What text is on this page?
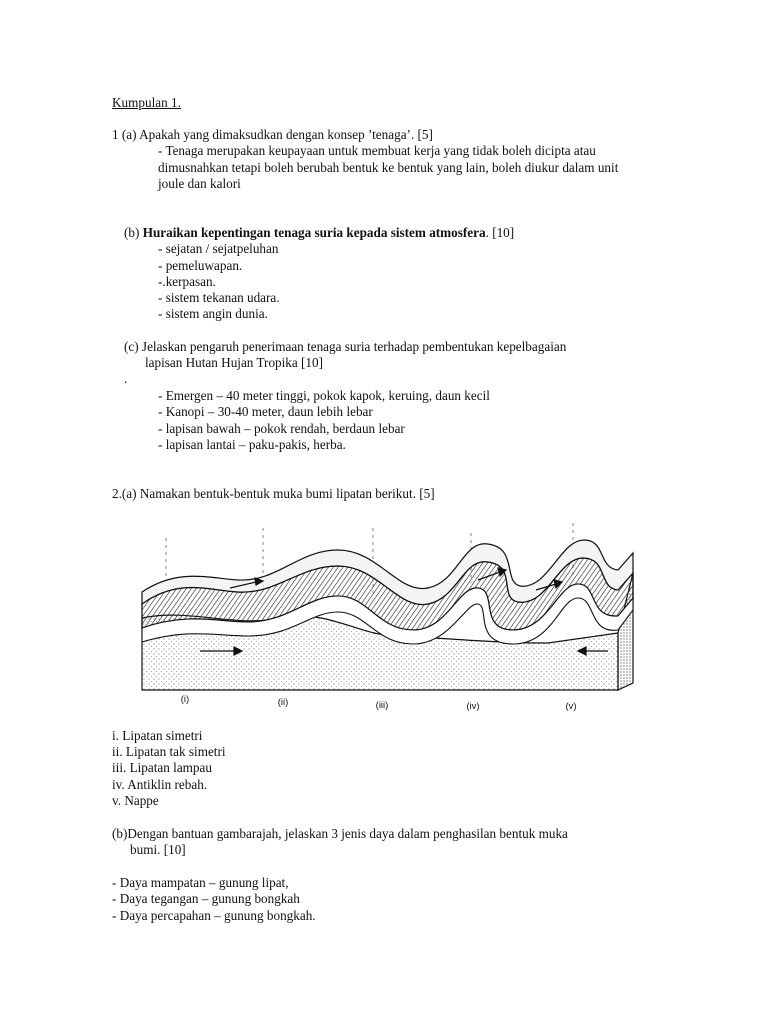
Kumpulan 1.
1 (a) Apakah yang dimaksudkan dengan konsep ’tenaga’. [5]
- Tenaga merupakan keupayaan untuk membuat kerja yang tidak boleh dicipta atau
dimusnahkan tetapi boleh berubah bentuk ke bentuk yang lain, boleh diukur dalam unit
joule dan kalori
(b) Huraikan kepentingan tenaga suria kepada sistem atmosfera. [10]
- sejatan / sejatpeluhan
- pemeluwapan.
-.kerpasan.
- sistem tekanan udara.
- sistem angin dunia.
(c) Jelaskan pengaruh penerimaan tenaga suria terhadap pembentukan kepelbagaian
lapisan Hutan Hujan Tropika [10]
.
- Emergen – 40 meter tinggi, pokok kapok, keruing, daun kecil
- Kanopi – 30-40 meter, daun lebih lebar
- lapisan bawah – pokok rendah, berdaun lebar
- lapisan lantai – paku-pakis, herba.
2.(a) Namakan bentuk-bentuk muka bumi lipatan berikut. [5]
(i)	(ii)	(iii)	(iv)	(v)
i. Lipatan simetri
ii. Lipatan tak simetri
iii. Lipatan lampau
iv. Antiklin rebah.
v. Nappe
(b)Dengan bantuan gambarajah, jelaskan 3 jenis daya dalam penghasilan bentuk muka
bumi. [10]
- Daya mampatan – gunung lipat,
- Daya tegangan – gunung bongkah
- Daya percapahan – gunung bongkah.
